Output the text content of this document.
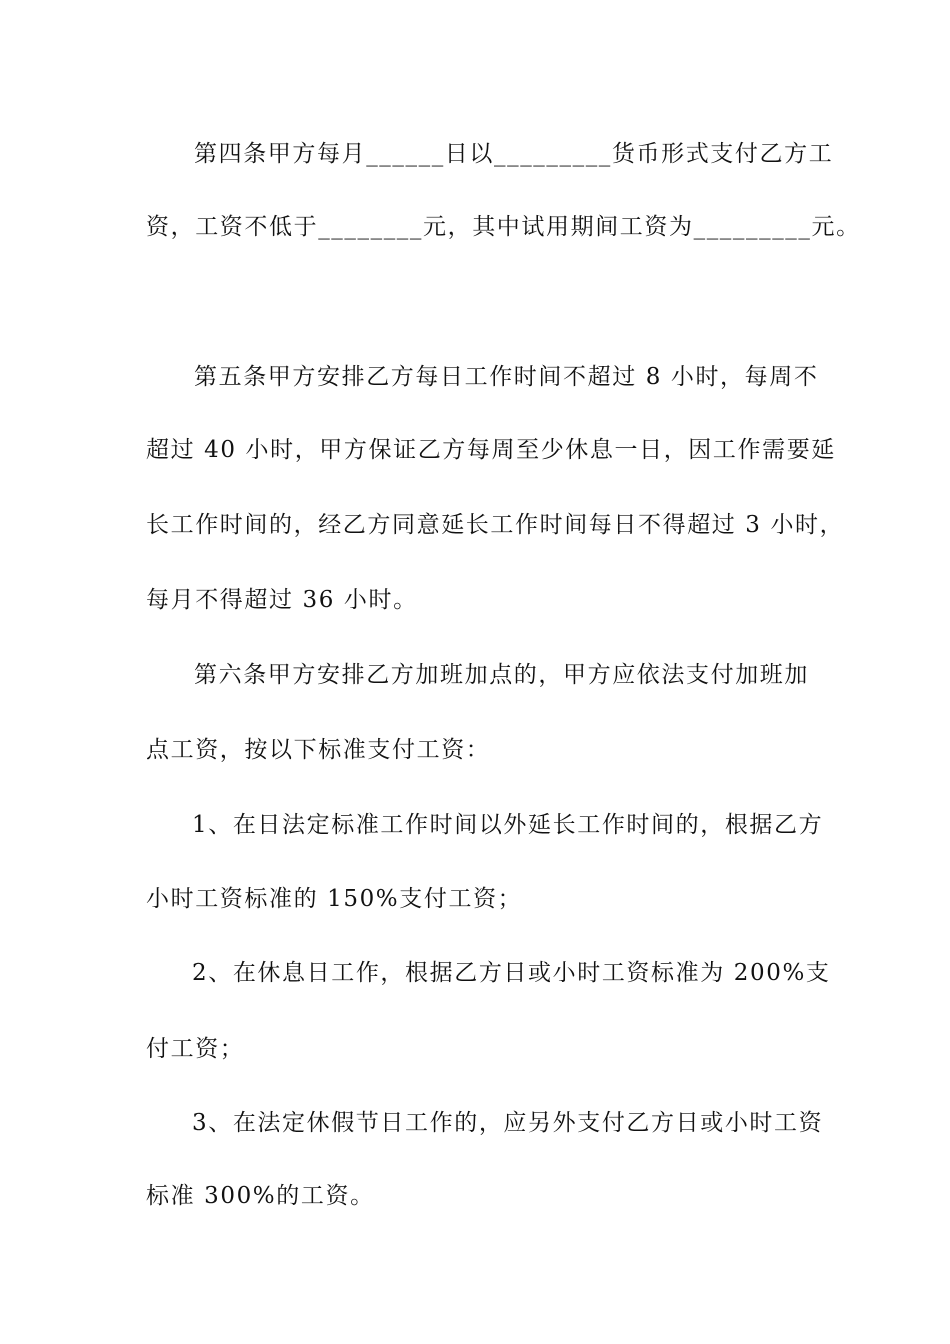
第四条甲方每月______日以_________货币形式支付乙方工
资，工资不低于________元，其中试用期间工资为_________元。
第五条甲方安排乙方每日工作时间不超过 8 小时，每周不
超过 40 小时，甲方保证乙方每周至少休息一日，因工作需要延
长工作时间的，经乙方同意延长工作时间每日不得超过 3 小时，
每月不得超过 36 小时。
第六条甲方安排乙方加班加点的，甲方应依法支付加班加
点工资，按以下标准支付工资：
1、在日法定标准工作时间以外延长工作时间的，根据乙方
小时工资标准的 150%支付工资；
2、在休息日工作，根据乙方日或小时工资标准为 200%支
付工资；
3、在法定休假节日工作的，应另外支付乙方日或小时工资
标准 300%的工资。
